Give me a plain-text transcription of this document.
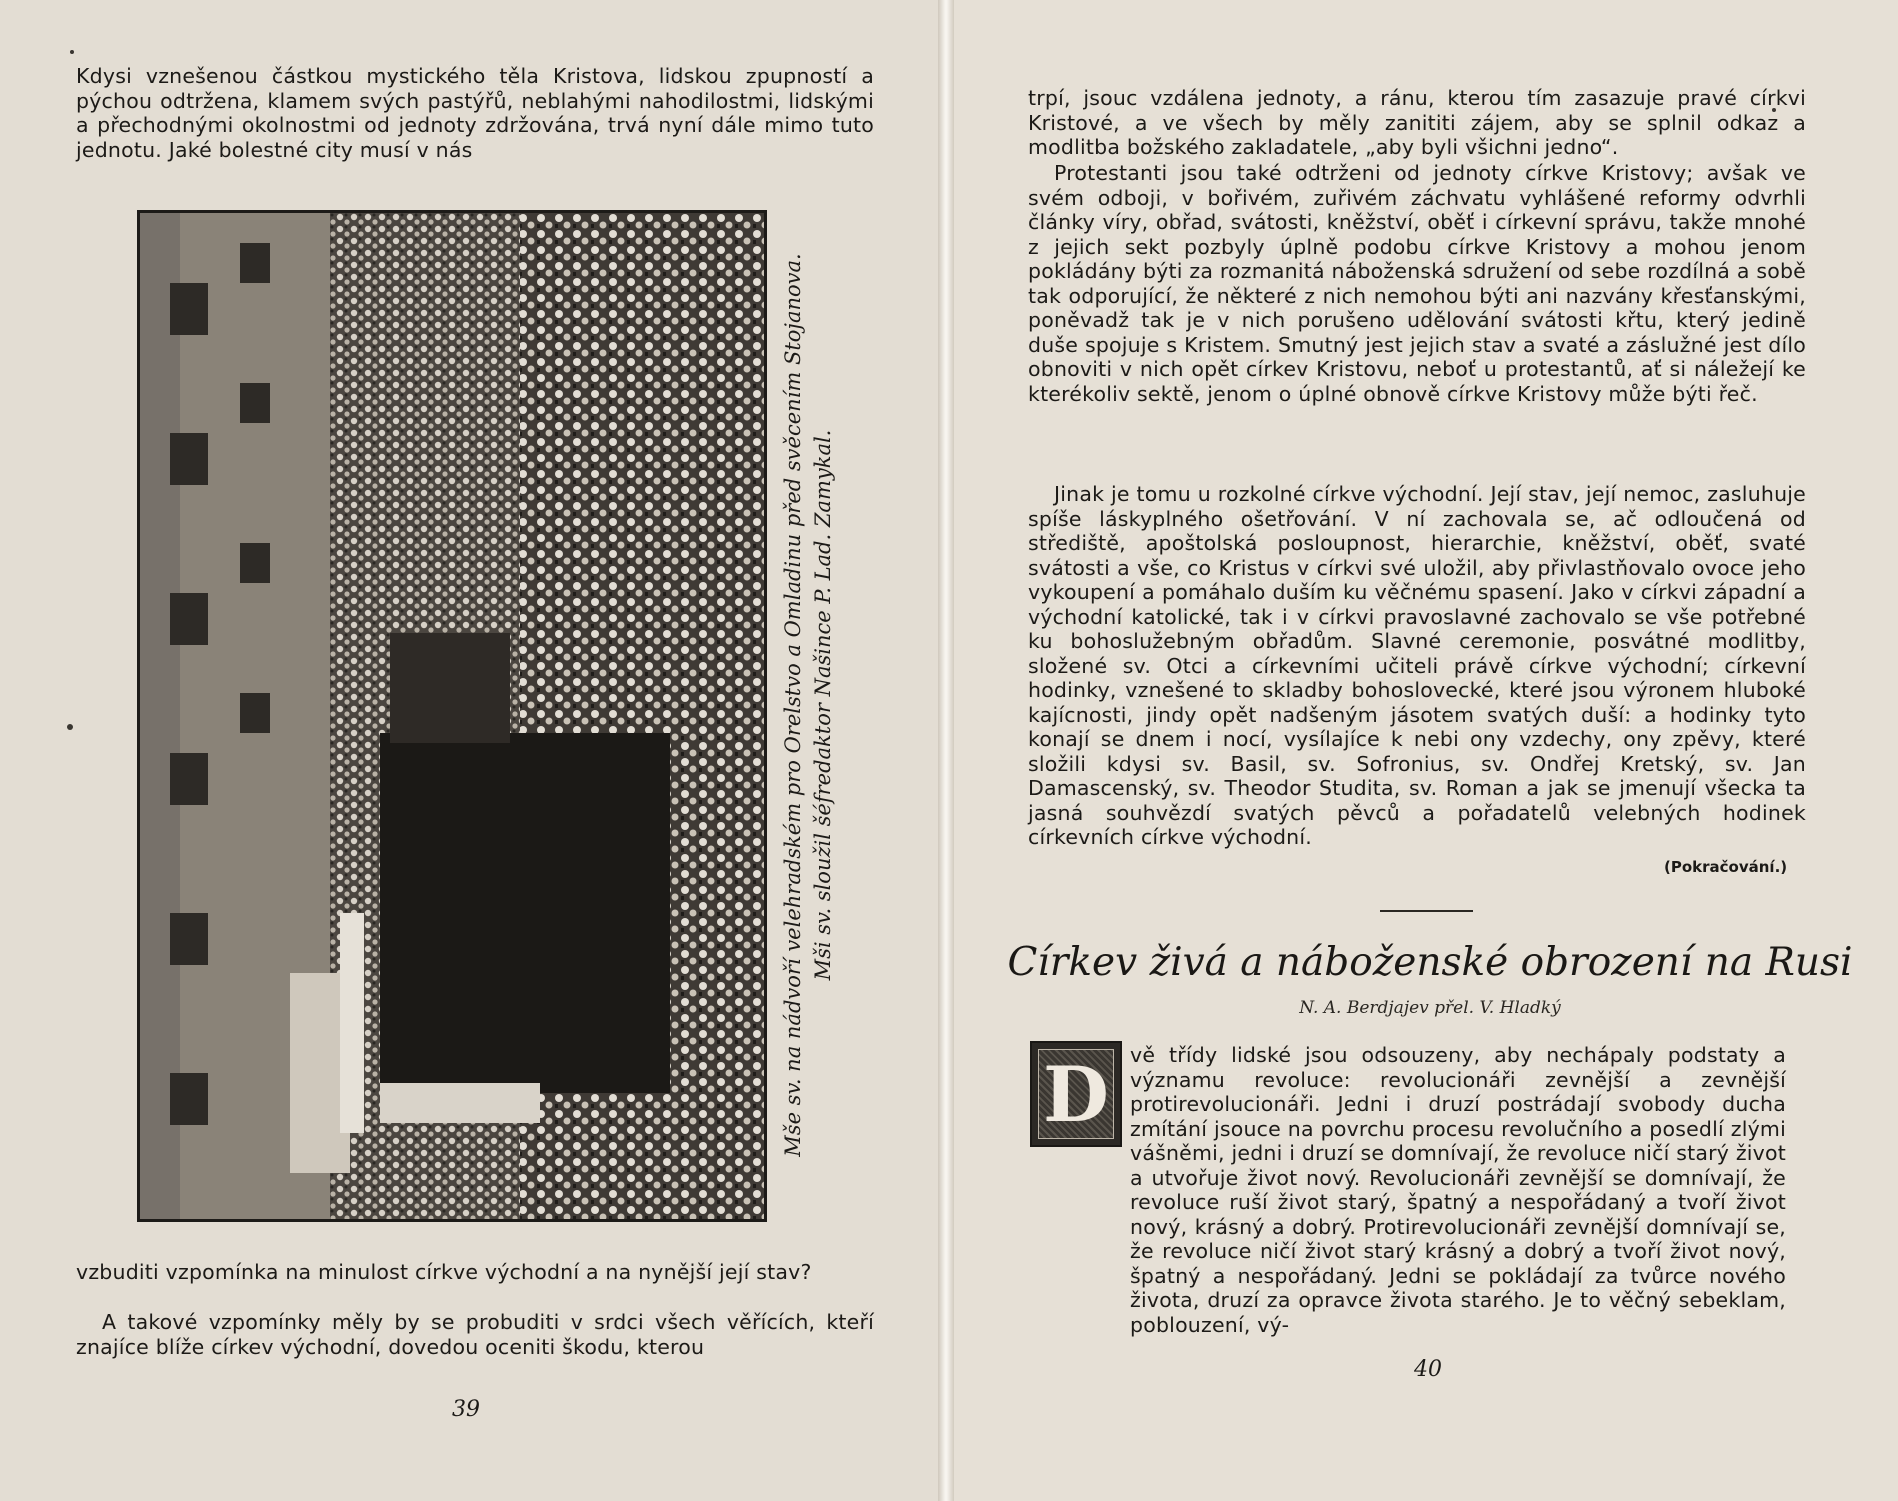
Kdysi vznešenou částkou mystického těla Kristova, lidskou zpupností a pýchou odtržena, klamem svých pastýřů, neblahými nahodilostmi, lidskými a přechodnými okolnostmi od jednoty zdržována, trvá nyní dále mimo tuto jednotu. Jaké bolestné city musí v nás

Mše sv. na nádvoří velehradském pro Orelstvo a Omladinu před svěcením Stojanova. Mši sv. sloužil šéfredaktor Našince P. Lad. Zamykal.

vzbuditi vzpomínka na minulost církve východní a na nynější její stav?

A takové vzpomínky měly by se probuditi v srdci všech věřících, kteří znajíce blíže církev východní, dovedou oceniti škodu, kterou

39

trpí, jsouc vzdálena jednoty, a ránu, kterou tím zasazuje pravé církvi Kristové, a ve všech by měly zanititi zájem, aby se splnil odkaz a modlitba božského zakladatele, „aby byli všichni jedno“.

Protestanti jsou také odtrženi od jednoty církve Kristovy; avšak ve svém odboji, v bořivém, zuřivém záchvatu vyhlášené reformy odvrhli články víry, obřad, svátosti, kněžství, oběť i církevní správu, takže mnohé z jejich sekt pozbyly úplně podobu církve Kristovy a mohou jenom pokládány býti za rozmanitá náboženská sdružení od sebe rozdílná a sobě tak odporující, že některé z nich nemohou býti ani nazvány křesťanskými, poněvadž tak je v nich porušeno udělování svátosti křtu, který jedině duše spojuje s Kristem. Smutný jest jejich stav a svaté a záslužné jest dílo obnoviti v nich opět církev Kristovu, neboť u protestantů, ať si náležejí ke kterékoliv sektě, jenom o úplné obnově církve Kristovy může býti řeč.

Jinak je tomu u rozkolné církve východní. Její stav, její nemoc, zasluhuje spíše láskyplného ošetřování. V ní zachovala se, ač odloučená od střediště, apoštolská posloupnost, hierarchie, kněžství, oběť, svaté svátosti a vše, co Kristus v církvi své uložil, aby přivlastňovalo ovoce jeho vykoupení a pomáhalo duším ku věčnému spasení. Jako v církvi západní a východní katolické, tak i v církvi pravoslavné zachovalo se vše potřebné ku bohoslužebným obřadům. Slavné ceremonie, posvátné modlitby, složené sv. Otci a církevními učiteli právě církve východní; církevní hodinky, vznešené to skladby bohoslovecké, které jsou výronem hluboké kajícnosti, jindy opět nadšeným jásotem svatých duší: a hodinky tyto konají se dnem i nocí, vysílajíce k nebi ony vzdechy, ony zpěvy, které složili kdysi sv. Basil, sv. Sofronius, sv. Ondřej Kretský, sv. Jan Damascenský, sv. Theodor Studita, sv. Roman a jak se jmenují všecka ta jasná souhvězdí svatých pěvců a pořadatelů velebných hodinek církevních církve východní.

(Pokračování.)
Církev živá a náboženské obrození na Rusi
N. A. Berdjajev přel. V. Hladký
D vě třídy lidské jsou odsouzeny, aby nechápaly podstaty a významu revoluce: revolucionáři zevnější a zevnější protirevolucionáři. Jedni i druzí postrádají svobody ducha zmítání jsouce na povrchu procesu revolučního a posedlí zlými vášněmi, jedni i druzí se domnívají, že revoluce ničí starý život a utvořuje život nový. Revolucionáři zevnější se domnívají, že revoluce ruší život starý, špatný a nespořádaný a tvoří život nový, krásný a dobrý. Protirevolucionáři zevnější domnívají se, že revoluce ničí život starý krásný a dobrý a tvoří život nový, špatný a nespořádaný. Jedni se pokládají za tvůrce nového života, druzí za opravce života starého. Je to věčný sebeklam, poblouzení, vý-

40
